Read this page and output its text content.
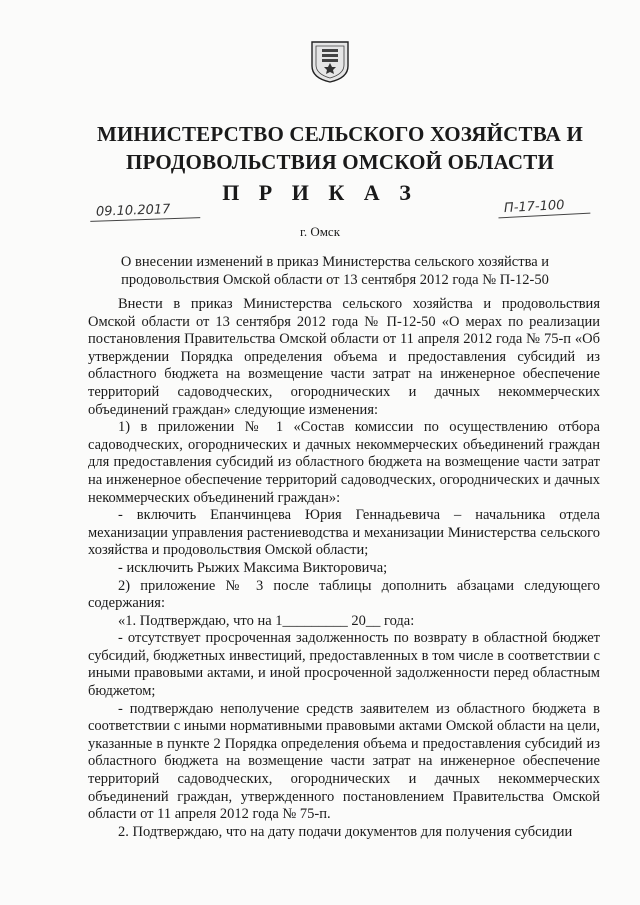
МИНИСТЕРСТВО СЕЛЬСКОГО ХОЗЯЙСТВА И
ПРОДОВОЛЬСТВИЯ ОМСКОЙ ОБЛАСТИ
П Р И К А З
09.10.2017	П-17-100
г. Омск
О внесении изменений в приказ Министерства сельского хозяйства и
продовольствия Омской области от 13 сентября 2012 года № П-12-50

Внести в приказ Министерства сельского хозяйства и продовольствия Омской области от 13 сентября 2012 года № П-12-50 «О мерах по реализации постановления Правительства Омской области от 11 апреля 2012 года № 75-п «Об утверждении Порядка определения объема и предоставления субсидий из областного бюджета на возмещение части затрат на инженерное обеспечение территорий садоводческих, огороднических и дачных некоммерческих объединений граждан» следующие изменения:

1) в приложении № 1 «Состав комиссии по осуществлению отбора садоводческих, огороднических и дачных некоммерческих объединений граждан для предоставления субсидий из областного бюджета на возмещение части затрат на инженерное обеспечение территорий садоводческих, огороднических и дачных некоммерческих объединений граждан»:

- включить Епанчинцева Юрия Геннадьевича – начальника отдела механизации управления растениеводства и механизации Министерства сельского хозяйства и продовольствия Омской области;

- исключить Рыжих Максима Викторовича;

2) приложение № 3 после таблицы дополнить абзацами следующего содержания:

«1. Подтверждаю, что на 1_________ 20__ года:

- отсутствует просроченная задолженность по возврату в областной бюджет субсидий, бюджетных инвестиций, предоставленных в том числе в соответствии с иными правовыми актами, и иной просроченной задолженности перед областным бюджетом;

- подтверждаю неполучение средств заявителем из областного бюджета в соответствии с иными нормативными правовыми актами Омской области на цели, указанные в пункте 2 Порядка определения объема и предоставления субсидий из областного бюджета на возмещение части затрат на инженерное обеспечение территорий садоводческих, огороднических и дачных некоммерческих объединений граждан, утвержденного постановлением Правительства Омской области от 11 апреля 2012 года № 75-п.

2. Подтверждаю, что на дату подачи документов для получения субсидии
